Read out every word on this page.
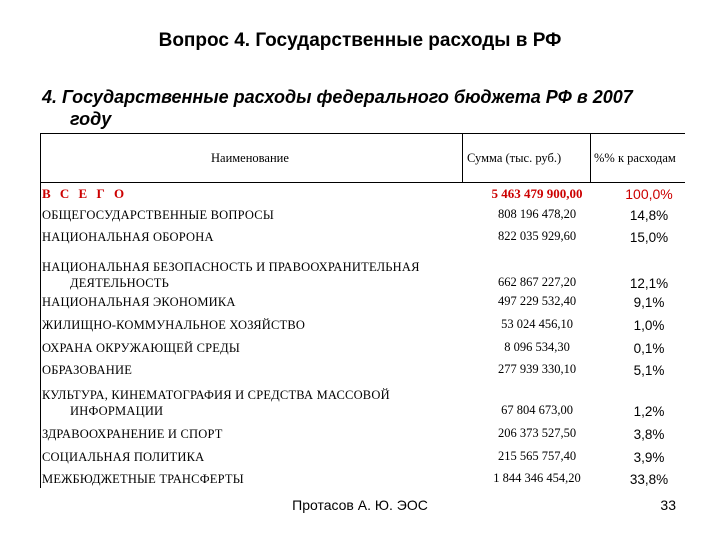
Вопрос 4. Государственные расходы в РФ
4. Государственные расходы федерального бюджета РФ в 2007
году
Наименование	Сумма (тыс. руб.)	%% к расходам
В С Е Г О	5 463 479 900,00	100,0%
ОБЩЕГОСУДАРСТВЕННЫЕ ВОПРОСЫ	808 196 478,20	14,8%
НАЦИОНАЛЬНАЯ ОБОРОНА	822 035 929,60	15,0%
НАЦИОНАЛЬНАЯ БЕЗОПАСНОСТЬ И ПРАВООХРАНИТЕЛЬНАЯ
ДЕЯТЕЛЬНОСТЬ	662 867 227,20	12,1%
НАЦИОНАЛЬНАЯ ЭКОНОМИКА	497 229 532,40	9,1%
ЖИЛИЩНО-КОММУНАЛЬНОЕ ХОЗЯЙСТВО	53 024 456,10	1,0%
ОХРАНА ОКРУЖАЮЩЕЙ СРЕДЫ	8 096 534,30	0,1%
ОБРАЗОВАНИЕ	277 939 330,10	5,1%
КУЛЬТУРА, КИНЕМАТОГРАФИЯ И СРЕДСТВА МАССОВОЙ
ИНФОРМАЦИИ	67 804 673,00	1,2%
ЗДРАВООХРАНЕНИЕ И СПОРТ	206 373 527,50	3,8%
СОЦИАЛЬНАЯ ПОЛИТИКА	215 565 757,40	3,9%
МЕЖБЮДЖЕТНЫЕ ТРАНСФЕРТЫ	1 844 346 454,20	33,8%
Протасов А. Ю. ЭОС	33
